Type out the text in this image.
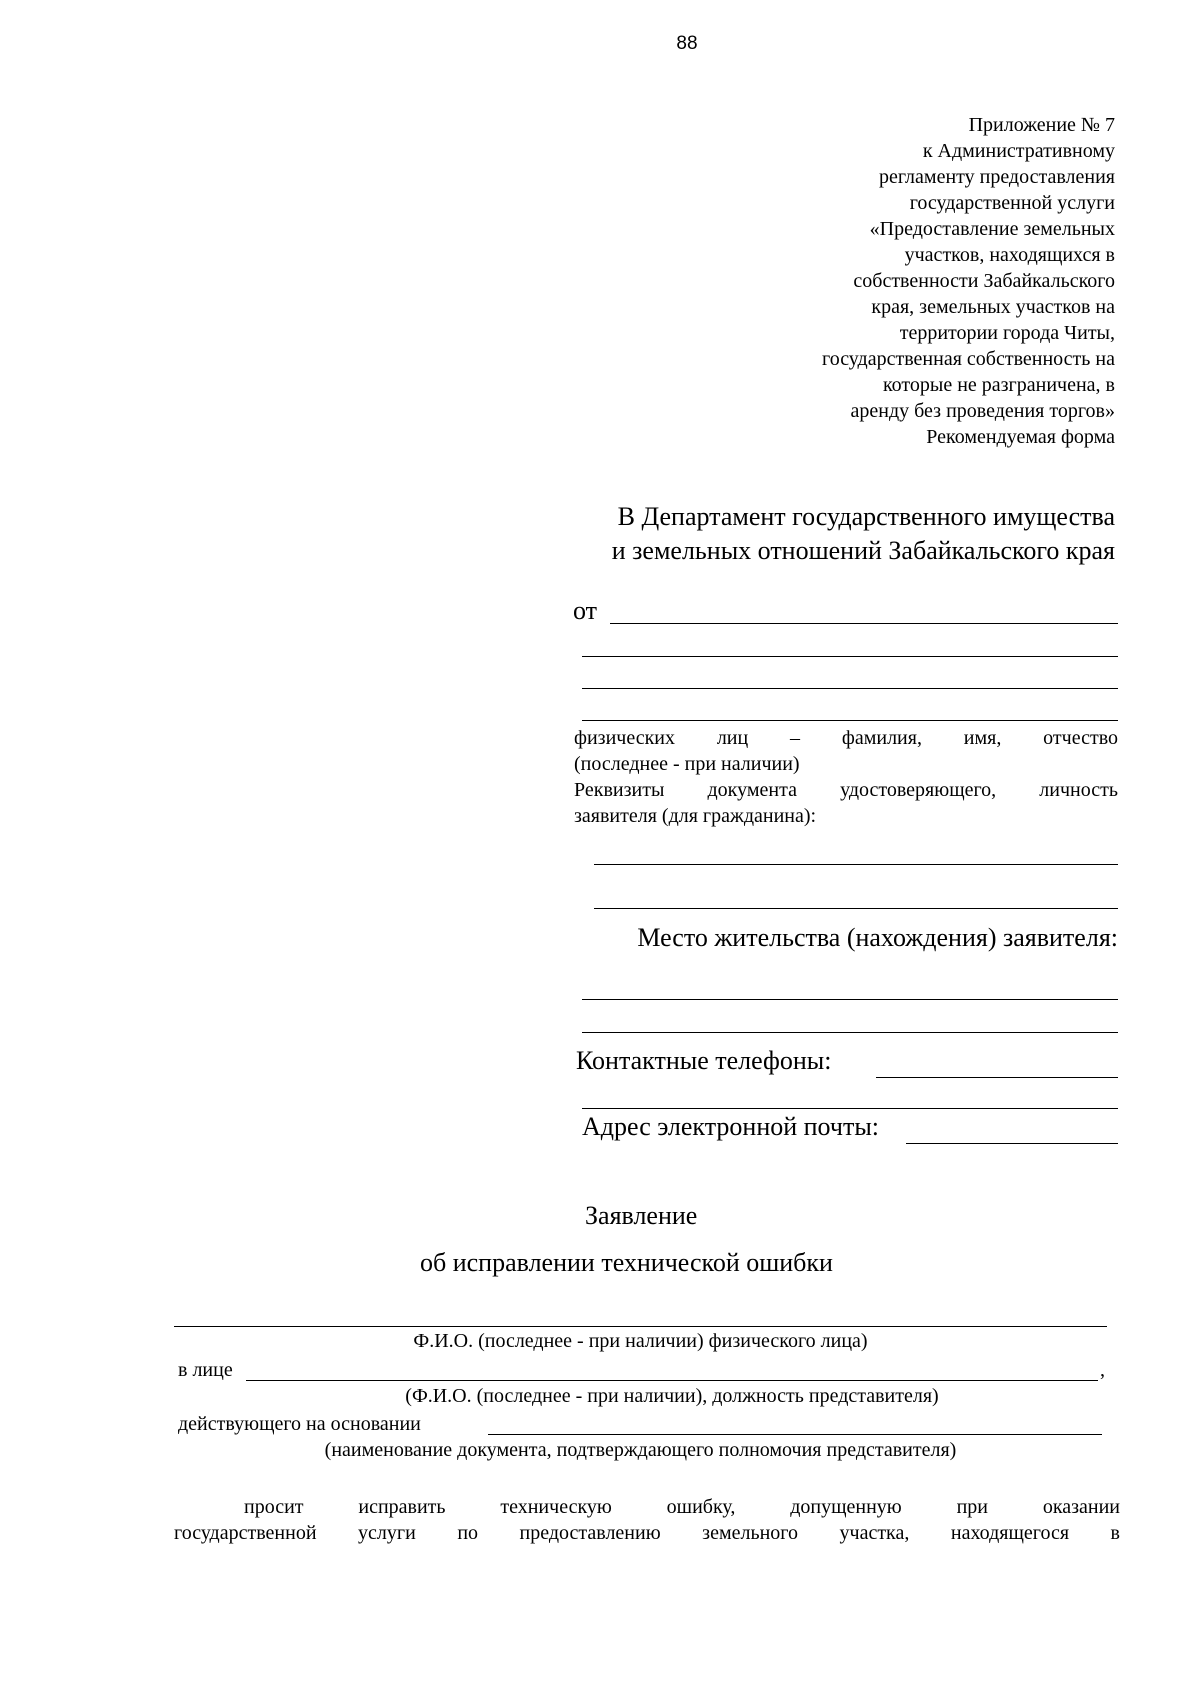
88
Приложение № 7
к Административному
регламенту предоставления
государственной услуги
«Предоставление земельных
участков, находящихся в
собственности Забайкальского
края, земельных участков на
территории города Читы,
государственная собственность на
которые не разграничена, в
аренду без проведения торгов»
Рекомендуемая форма
В Департамент государственного имущества
и земельных отношений Забайкальского края
от
физических лиц – фамилия, имя, отчество
(последнее - при наличии)
Реквизиты документа удостоверяющего, личность
заявителя (для гражданина):
Место жительства (нахождения) заявителя:
Контактные телефоны:
Адрес электронной почты:
Заявление
об исправлении технической ошибки
Ф.И.О. (последнее - при наличии) физического лица)
в лице	,
(Ф.И.О. (последнее - при наличии), должность представителя)
действующего на основании
(наименование документа, подтверждающего полномочия представителя)
просит исправить техническую ошибку, допущенную при оказании
государственной услуги по предоставлению земельного участка, находящегося в
